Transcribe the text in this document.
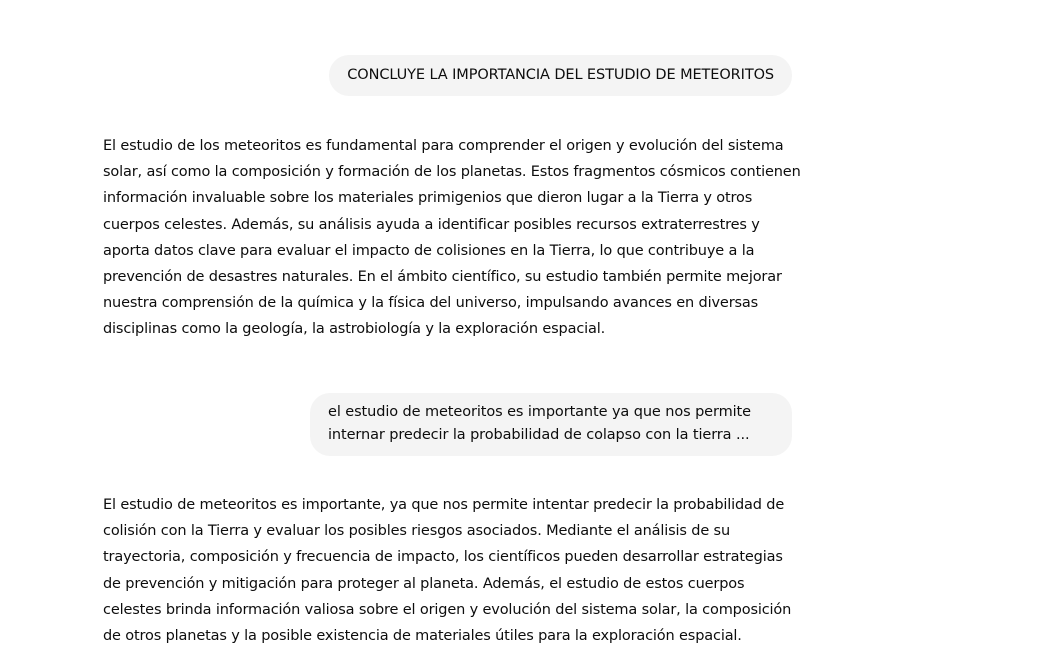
CONCLUYE LA IMPORTANCIA DEL ESTUDIO DE METEORITOS

El estudio de los meteoritos es fundamental para comprender el origen y evolución del sistema solar, así como la composición y formación de los planetas. Estos fragmentos cósmicos contienen información invaluable sobre los materiales primigenios que dieron lugar a la Tierra y otros cuerpos celestes. Además, su análisis ayuda a identificar posibles recursos extraterrestres y aporta datos clave para evaluar el impacto de colisiones en la Tierra, lo que contribuye a la prevención de desastres naturales. En el ámbito científico, su estudio también permite mejorar nuestra comprensión de la química y la física del universo, impulsando avances en diversas disciplinas como la geología, la astrobiología y la exploración espacial.

el estudio de meteoritos es importante ya que nos permite internar predecir la probabilidad de colapso con la tierra ...

El estudio de meteoritos es importante, ya que nos permite intentar predecir la probabilidad de colisión con la Tierra y evaluar los posibles riesgos asociados. Mediante el análisis de su trayectoria, composición y frecuencia de impacto, los científicos pueden desarrollar estrategias de prevención y mitigación para proteger al planeta. Además, el estudio de estos cuerpos celestes brinda información valiosa sobre el origen y evolución del sistema solar, la composición de otros planetas y la posible existencia de materiales útiles para la exploración espacial.
